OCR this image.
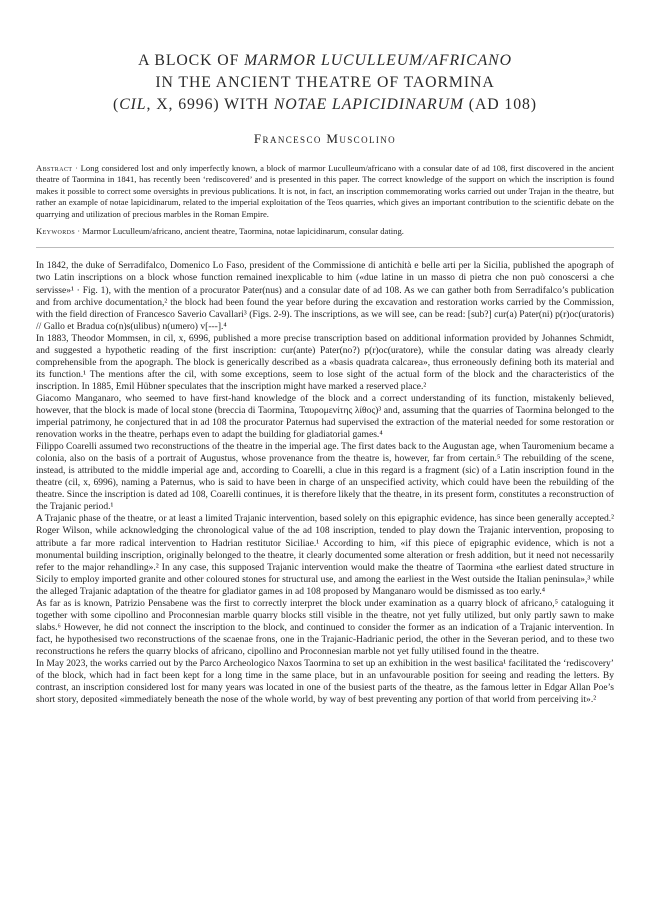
A BLOCK OF MARMOR LUCULLEUM/AFRICANO
IN THE ANCIENT THEATRE OF TAORMINA
(CIL, X, 6996) WITH NOTAE LAPICIDINARUM (AD 108)
Francesco Muscolino
Abstract · Long considered lost and only imperfectly known, a block of marmor Luculleum/africano with a consular date of ad 108, first discovered in the ancient theatre of Taormina in 1841, has recently been ‘rediscovered’ and is presented in this paper. The correct knowledge of the support on which the inscription is found makes it possible to correct some oversights in previous publications. It is not, in fact, an inscription commemorating works carried out under Trajan in the theatre, but rather an example of notae lapicidinarum, related to the imperial exploitation of the Teos quarries, which gives an important contribution to the scientific debate on the quarrying and utilization of precious marbles in the Roman Empire.
Keywords · Marmor Luculleum/africano, ancient theatre, Taormina, notae lapicidinarum, consular dating.

In 1842, the duke of Serradifalco, Domenico Lo Faso, president of the Commissione di antichità e belle arti per la Sicilia, published the apograph of two Latin inscriptions on a block whose function remained inexplicable to him («due latine in un masso di pietra che non può conoscersi a che servisse»¹ · Fig. 1), with the mention of a procurator Pater(nus) and a consular date of ad 108. As we can gather both from Serradifalco’s publication and from archive documentation,² the block had been found the year before during the excavation and restoration works carried by the Commission, with the field direction of Francesco Saverio Cavallari³ (Figs. 2-9). The inscriptions, as we will see, can be read: [sub?] cur(a) Pater(ni) p(r)oc(uratoris) // Gallo et Bradua co(n)s(ulibus) n(umero) v[---].⁴

In 1883, Theodor Mommsen, in cil, x, 6996, published a more precise transcription based on additional information provided by Johannes Schmidt, and suggested a hypothetic reading of the first inscription: cur(ante) Pater(no?) p(r)oc(uratore), while the consular dating was already clearly comprehensible from the apograph. The block is generically described as a «basis quadrata calcarea», thus erroneously defining both its material and its function.¹ The mentions after the cil, with some exceptions, seem to lose sight of the actual form of the block and the characteristics of the inscription. In 1885, Emil Hübner speculates that the inscription might have marked a reserved place.²

Giacomo Manganaro, who seemed to have first-hand knowledge of the block and a correct understanding of its function, mistakenly believed, however, that the block is made of local stone (breccia di Taormina, Ταυρομενίτης λίθος)³ and, assuming that the quarries of Taormina belonged to the imperial patrimony, he conjectured that in ad 108 the procurator Paternus had supervised the extraction of the material needed for some restoration or renovation works in the theatre, perhaps even to adapt the building for gladiatorial games.⁴

Filippo Coarelli assumed two reconstructions of the theatre in the imperial age. The first dates back to the Augustan age, when Tauromenium became a colonia, also on the basis of a portrait of Augustus, whose provenance from the theatre is, however, far from certain.⁵ The rebuilding of the scene, instead, is attributed to the middle imperial age and, according to Coarelli, a clue in this regard is a fragment (sic) of a Latin inscription found in the theatre (cil, x, 6996), naming a Paternus, who is said to have been in charge of an unspecified activity, which could have been the rebuilding of the theatre. Since the inscription is dated ad 108, Coarelli continues, it is therefore likely that the theatre, in its present form, constitutes a reconstruction of the Trajanic period.¹

A Trajanic phase of the theatre, or at least a limited Trajanic intervention, based solely on this epigraphic evidence, has since been generally accepted.² Roger Wilson, while acknowledging the chronological value of the ad 108 inscription, tended to play down the Trajanic intervention, proposing to attribute a far more radical intervention to Hadrian restitutor Siciliae.¹ According to him, «if this piece of epigraphic evidence, which is not a monumental building inscription, originally belonged to the theatre, it clearly documented some alteration or fresh addition, but it need not necessarily refer to the major rehandling».² In any case, this supposed Trajanic intervention would make the theatre of Taormina «the earliest dated structure in Sicily to employ imported granite and other coloured stones for structural use, and among the earliest in the West outside the Italian peninsula»,³ while the alleged Trajanic adaptation of the theatre for gladiator games in ad 108 proposed by Manganaro would be dismissed as too early.⁴

As far as is known, Patrizio Pensabene was the first to correctly interpret the block under examination as a quarry block of africano,⁵ cataloguing it together with some cipollino and Proconnesian marble quarry blocks still visible in the theatre, not yet fully utilized, but only partly sawn to make slabs.⁶ However, he did not connect the inscription to the block, and continued to consider the former as an indication of a Trajanic intervention. In fact, he hypothesised two reconstructions of the scaenae frons, one in the Trajanic-Hadrianic period, the other in the Severan period, and to these two reconstructions he refers the quarry blocks of africano, cipollino and Proconnesian marble not yet fully utilised found in the theatre.

In May 2023, the works carried out by the Parco Archeologico Naxos Taormina to set up an exhibition in the west basilica¹ facilitated the ‘rediscovery’ of the block, which had in fact been kept for a long time in the same place, but in an unfavourable position for seeing and reading the letters. By contrast, an inscription considered lost for many years was located in one of the busiest parts of the theatre, as the famous letter in Edgar Allan Poe’s short story, deposited «immediately beneath the nose of the whole world, by way of best preventing any portion of that world from perceiving it».²
